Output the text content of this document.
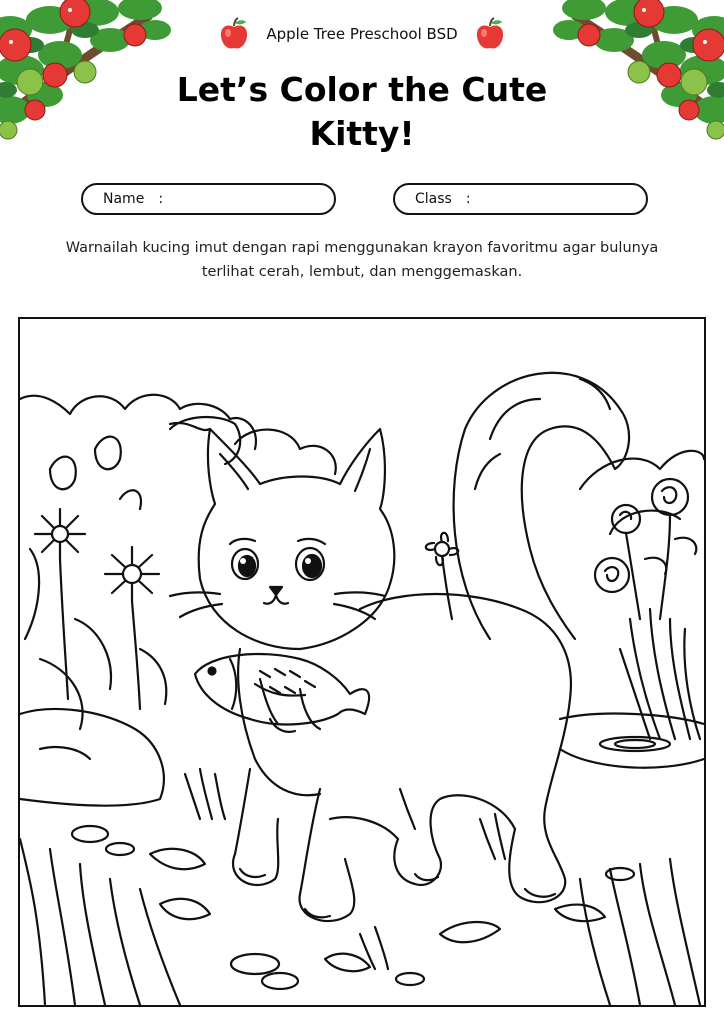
Apple Tree Preschool BSD
Let’s Color the Cute Kitty!
Name :	Class :
Warnailah kucing imut dengan rapi menggunakan krayon favoritmu agar bulunya terlihat cerah, lembut, dan menggemaskan.
